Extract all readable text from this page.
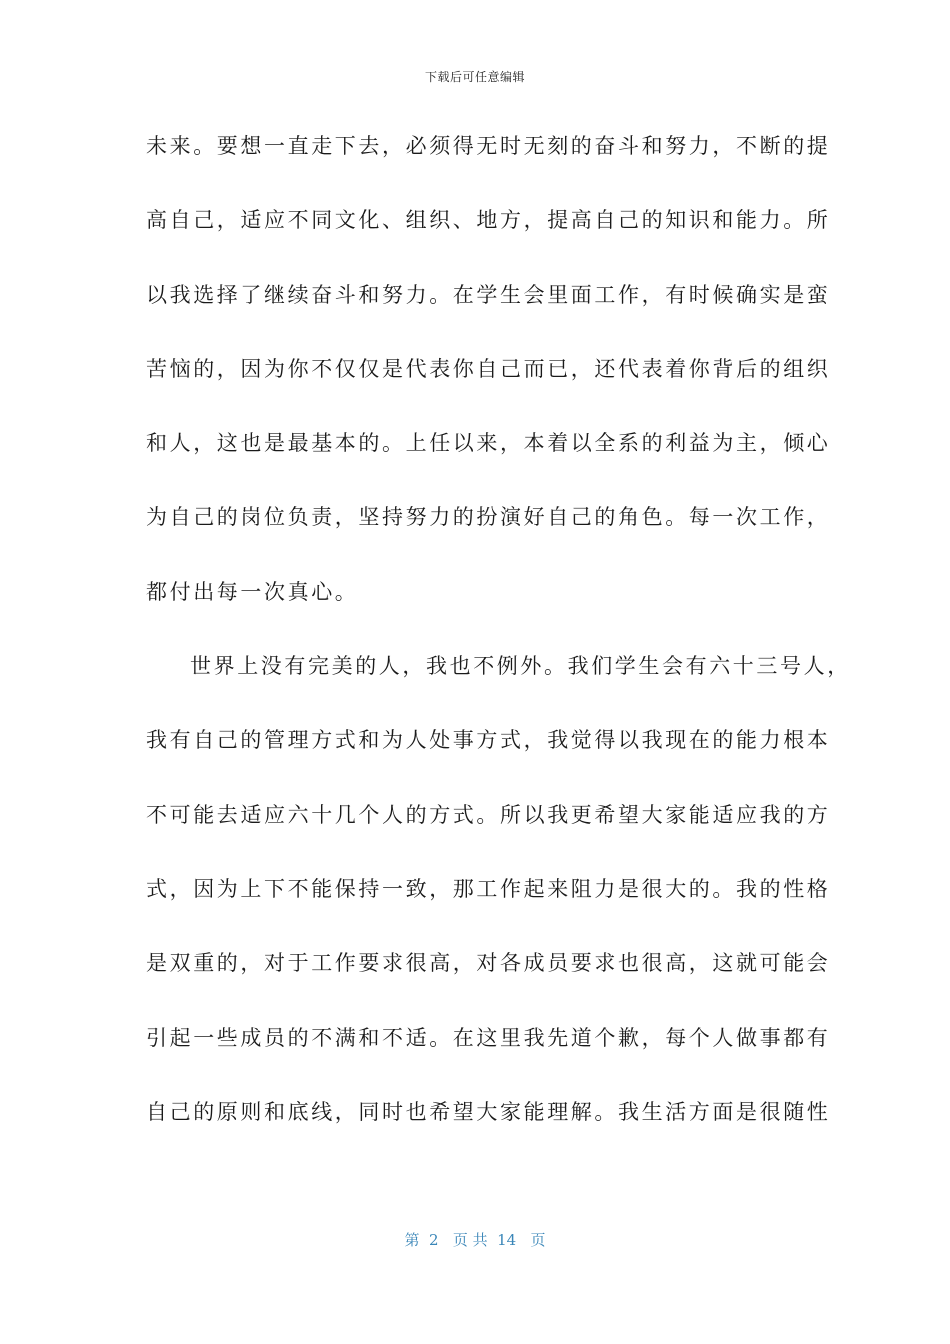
下载后可任意编辑
未来。要想一直走下去，必须得无时无刻的奋斗和努力，不断的提
高自己，适应不同文化、组织、地方，提高自己的知识和能力。所
以我选择了继续奋斗和努力。在学生会里面工作，有时候确实是蛮
苦恼的，因为你不仅仅是代表你自己而已，还代表着你背后的组织
和人，这也是最基本的。上任以来，本着以全系的利益为主，倾心
为自己的岗位负责，坚持努力的扮演好自己的角色。每一次工作，
都付出每一次真心。
世界上没有完美的人，我也不例外。我们学生会有六十三号人，
我有自己的管理方式和为人处事方式，我觉得以我现在的能力根本
不可能去适应六十几个人的方式。所以我更希望大家能适应我的方
式，因为上下不能保持一致，那工作起来阻力是很大的。我的性格
是双重的，对于工作要求很高，对各成员要求也很高，这就可能会
引起一些成员的不满和不适。在这里我先道个歉，每个人做事都有
自己的原则和底线，同时也希望大家能理解。我生活方面是很随性
第  2   页 共  14   页
